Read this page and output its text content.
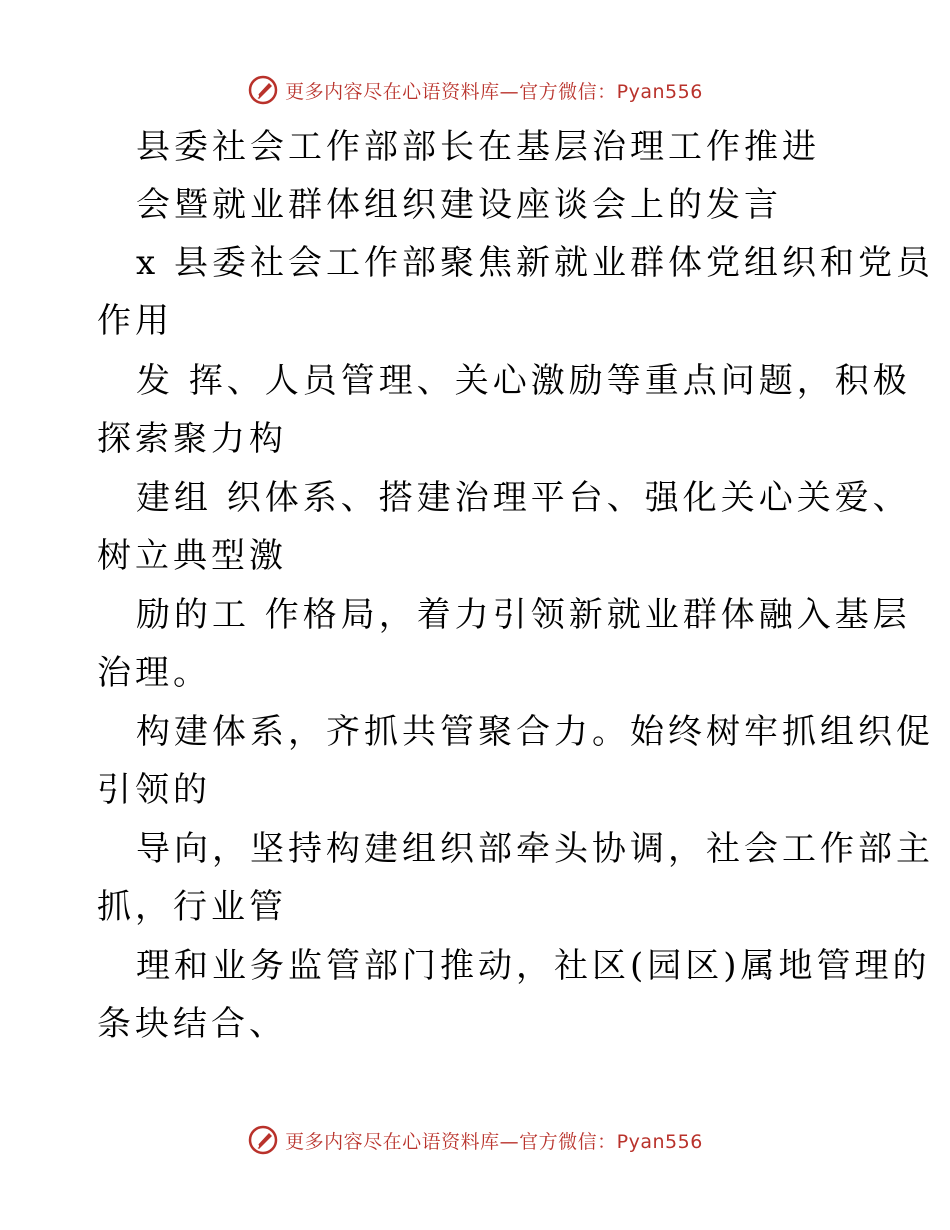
更多内容尽在心语资料库—官方微信：Pyan556
县委社会工作部部长在基层治理工作推进
会暨就业群体组织建设座谈会上的发言
x 县委社会工作部聚焦新就业群体党组织和党员
作用
发 挥、人员管理、关心激励等重点问题，积极
探索聚力构
建组 织体系、搭建治理平台、强化关心关爱、
树立典型激
励的工 作格局，着力引领新就业群体融入基层
治理。
构建体系，齐抓共管聚合力。始终树牢抓组织促
引领的
导向，坚持构建组织部牵头协调，社会工作部主
抓，行业管
理和业务监管部门推动，社区(园区)属地管理的
条块结合、
更多内容尽在心语资料库—官方微信：Pyan556
